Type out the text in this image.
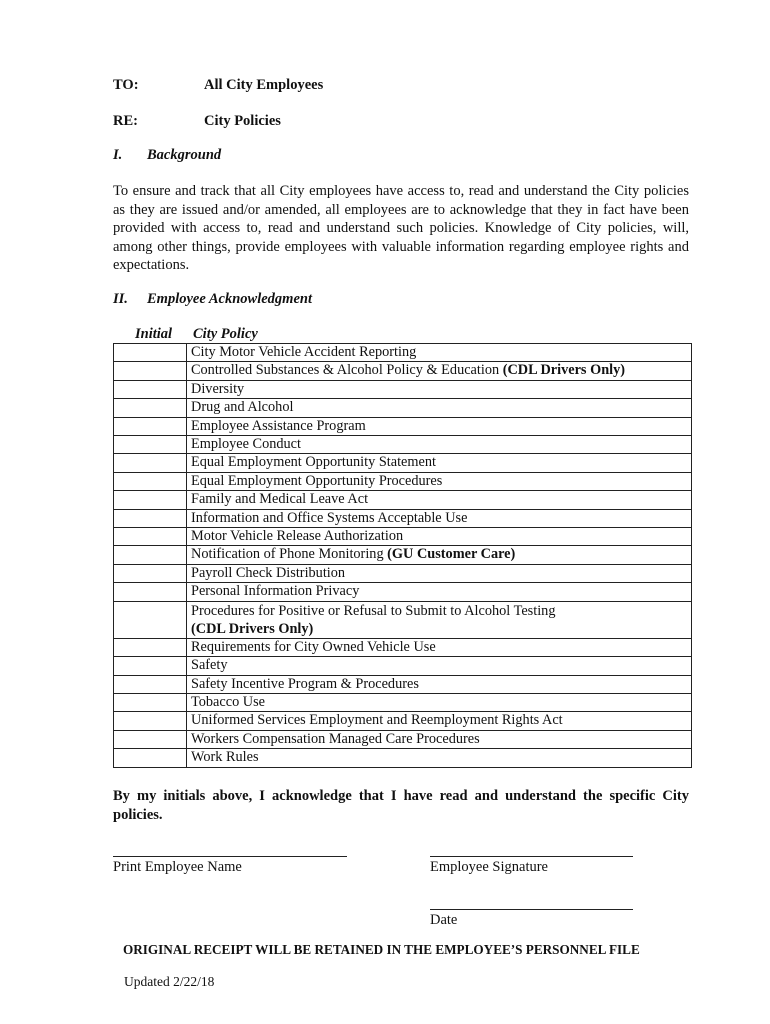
TO:	All City Employees
RE:	City Policies
I. Background

To ensure and track that all City employees have access to, read and understand the City policies as they are issued and/or amended, all employees are to acknowledge that they in fact have been provided with access to, read and understand such policies. Knowledge of City policies, will, among other things, provide employees with valuable information regarding employee rights and expectations.

II. Employee Acknowledgment
Initial City Policy
	City Motor Vehicle Accident Reporting
	Controlled Substances & Alcohol Policy & Education (CDL Drivers Only)
	Diversity
	Drug and Alcohol
	Employee Assistance Program
	Employee Conduct
	Equal Employment Opportunity Statement
	Equal Employment Opportunity Procedures
	Family and Medical Leave Act
	Information and Office Systems Acceptable Use
	Motor Vehicle Release Authorization
	Notification of Phone Monitoring (GU Customer Care)
	Payroll Check Distribution
	Personal Information Privacy
	Procedures for Positive or Refusal to Submit to Alcohol Testing
(CDL Drivers Only)
	Requirements for City Owned Vehicle Use
	Safety
	Safety Incentive Program & Procedures
	Tobacco Use
	Uniformed Services Employment and Reemployment Rights Act
	Workers Compensation Managed Care Procedures
	Work Rules

By my initials above, I acknowledge that I have read and understand the specific City policies.

Print Employee Name	Employee Signature
Date
ORIGINAL RECEIPT WILL BE RETAINED IN THE EMPLOYEE’S PERSONNEL FILE
Updated 2/22/18
